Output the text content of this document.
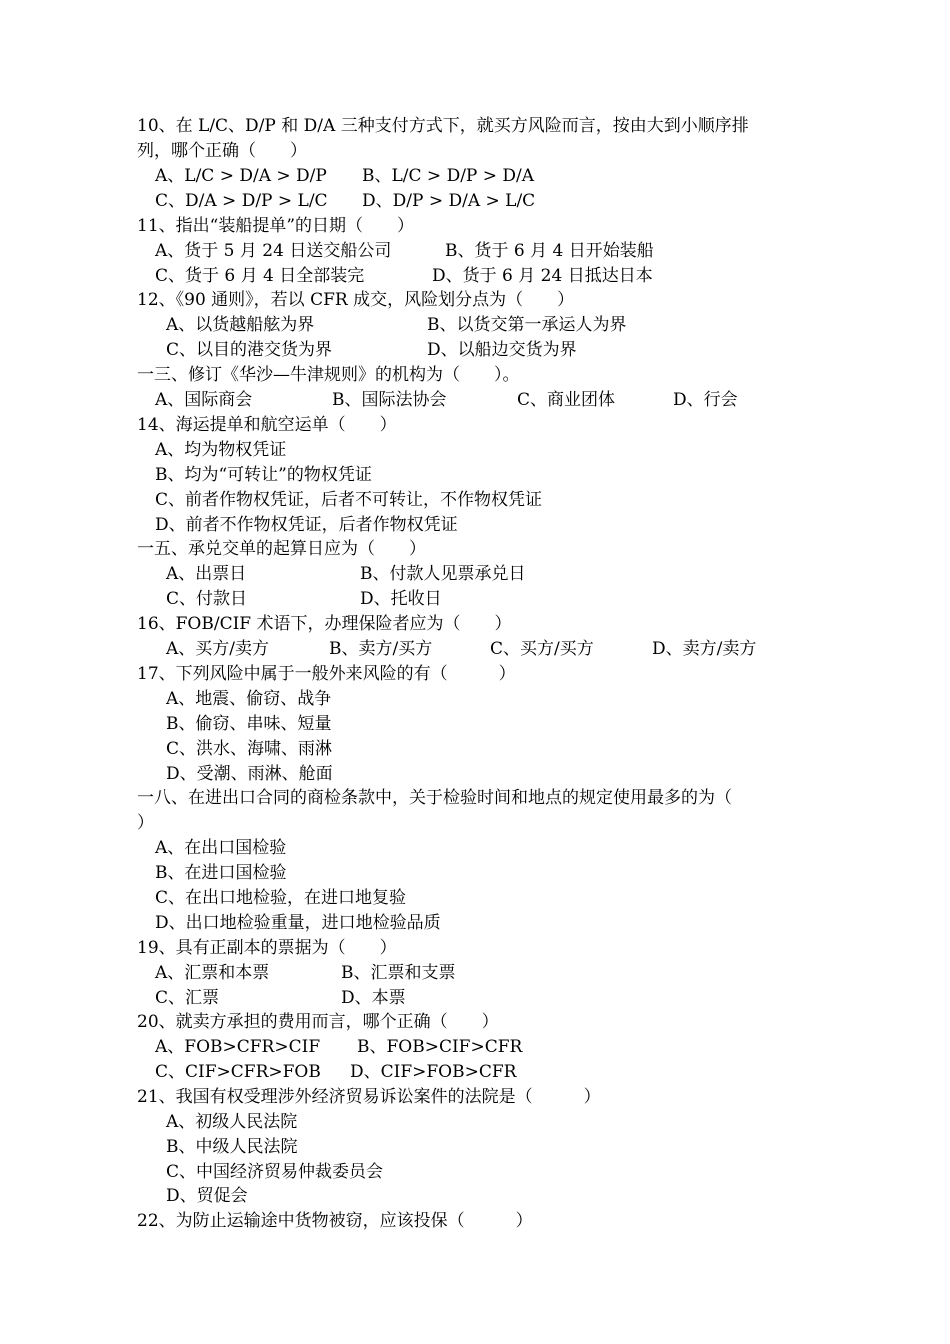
10、在 L/C、D/P 和 D/A 三种支付方式下，就买方风险而言，按由大到小顺序排
列，哪个正确（　　）
A、L/C > D/A > D/P B、L/C > D/P > D/A
C、D/A > D/P > L/C D、D/P > D/A > L/C
11、指出“装船提单”的日期（　　）
A、货于 5 月 24 日送交船公司	B、货于 6 月 4 日开始装船
C、货于 6 月 4 日全部装完	D、货于 6 月 24 日抵达日本
12、《90 通则》，若以 CFR 成交，风险划分点为（　　）
A、以货越船舷为界	B、以货交第一承运人为界
C、以目的港交货为界	D、以船边交货为界
一三、修订《华沙—牛津规则》的机构为（　　）。
A、国际商会	B、国际法协会	C、商业团体	D、行会
14、海运提单和航空运单（　　）
A、均为物权凭证
B、均为“可转让”的物权凭证
C、前者作物权凭证，后者不可转让，不作物权凭证
D、前者不作物权凭证，后者作物权凭证
一五、承兑交单的起算日应为（　　）
A、出票日	B、付款人见票承兑日
C、付款日	D、托收日
16、FOB/CIF 术语下，办理保险者应为（　　）
A、买方/卖方	B、卖方/买方	C、买方/买方	D、卖方/卖方
17、下列风险中属于一般外来风险的有（　　　）
A、地震、偷窃、战争
B、偷窃、串味、短量
C、洪水、海啸、雨淋
D、受潮、雨淋、舱面
一八、在进出口合同的商检条款中，关于检验时间和地点的规定使用最多的为（
）
A、在出口国检验
B、在进口国检验
C、在出口地检验，在进口地复验
D、出口地检验重量，进口地检验品质
19、具有正副本的票据为（　　）
A、汇票和本票	B、汇票和支票
C、汇票	D、本票
20、就卖方承担的费用而言，哪个正确（　　）
A、FOB>CFR>CIF B、FOB>CIF>CFR
C、CIF>CFR>FOB D、CIF>FOB>CFR
21、我国有权受理涉外经济贸易诉讼案件的法院是（　　　）
A、初级人民法院
B、中级人民法院
C、中国经济贸易仲裁委员会
D、贸促会
22、为防止运输途中货物被窃，应该投保（　　　）
